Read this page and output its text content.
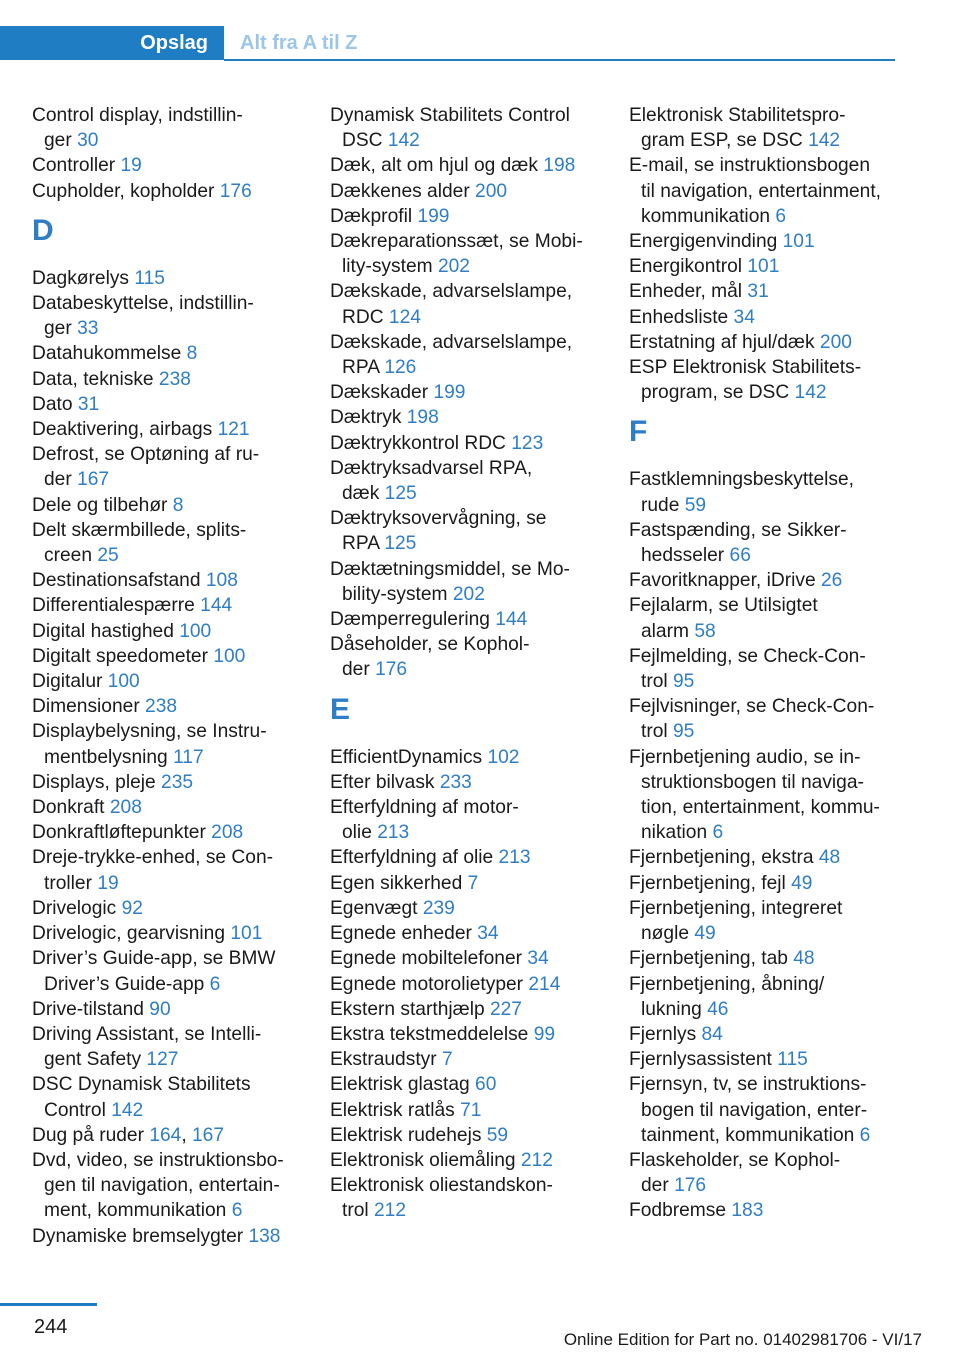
Opslag	Alt fra A til Z
Control display, indstillin-
ger 30
Controller 19
Cupholder, kopholder 176
D
Dagkørelys 115
Databeskyttelse, indstillin-
ger 33
Datahukommelse 8
Data, tekniske 238
Dato 31
Deaktivering, airbags 121
Defrost, se Optøning af ru-
der 167
Dele og tilbehør 8
Delt skærmbillede, splits-
creen 25
Destinationsafstand 108
Differentialespærre 144
Digital hastighed 100
Digitalt speedometer 100
Digitalur 100
Dimensioner 238
Displaybelysning, se Instru-
mentbelysning 117
Displays, pleje 235
Donkraft 208
Donkraftløftepunkter 208
Dreje-trykke-enhed, se Con-
troller 19
Drivelogic 92
Drivelogic, gearvisning 101
Driver’s Guide-app, se BMW
Driver’s Guide-app 6
Drive-tilstand 90
Driving Assistant, se Intelli-
gent Safety 127
DSC Dynamisk Stabilitets
Control 142
Dug på ruder 164, 167
Dvd, video, se instruktionsbo-
gen til navigation, entertain-
ment, kommunikation 6
Dynamiske bremselygter 138
Dynamisk Stabilitets Control
DSC 142
Dæk, alt om hjul og dæk 198
Dækkenes alder 200
Dækprofil 199
Dækreparationssæt, se Mobi-
lity-system 202
Dækskade, advarselslampe,
RDC 124
Dækskade, advarselslampe,
RPA 126
Dækskader 199
Dæktryk 198
Dæktrykkontrol RDC 123
Dæktryksadvarsel RPA,
dæk 125
Dæktryksovervågning, se
RPA 125
Dæktætningsmiddel, se Mo-
bility-system 202
Dæmperregulering 144
Dåseholder, se Kophol-
der 176
E
EfficientDynamics 102
Efter bilvask 233
Efterfyldning af motor-
olie 213
Efterfyldning af olie 213
Egen sikkerhed 7
Egenvægt 239
Egnede enheder 34
Egnede mobiltelefoner 34
Egnede motorolietyper 214
Ekstern starthjælp 227
Ekstra tekstmeddelelse 99
Ekstraudstyr 7
Elektrisk glastag 60
Elektrisk ratlås 71
Elektrisk rudehejs 59
Elektronisk oliemåling 212
Elektronisk oliestandskon-
trol 212
Elektronisk Stabilitetspro-
gram ESP, se DSC 142
E-mail, se instruktionsbogen
til navigation, entertainment,
kommunikation 6
Energigenvinding 101
Energikontrol 101
Enheder, mål 31
Enhedsliste 34
Erstatning af hjul/dæk 200
ESP Elektronisk Stabilitets-
program, se DSC 142
F
Fastklemningsbeskyttelse,
rude 59
Fastspænding, se Sikker-
hedsseler 66
Favoritknapper, iDrive 26
Fejlalarm, se Utilsigtet
alarm 58
Fejlmelding, se Check-Con-
trol 95
Fejlvisninger, se Check-Con-
trol 95
Fjernbetjening audio, se in-
struktionsbogen til naviga-
tion, entertainment, kommu-
nikation 6
Fjernbetjening, ekstra 48
Fjernbetjening, fejl 49
Fjernbetjening, integreret
nøgle 49
Fjernbetjening, tab 48
Fjernbetjening, åbning/
lukning 46
Fjernlys 84
Fjernlysassistent 115
Fjernsyn, tv, se instruktions-
bogen til navigation, enter-
tainment, kommunikation 6
Flaskeholder, se Kophol-
der 176
Fodbremse 183
244
Online Edition for Part no. 01402981706 - VI/17
